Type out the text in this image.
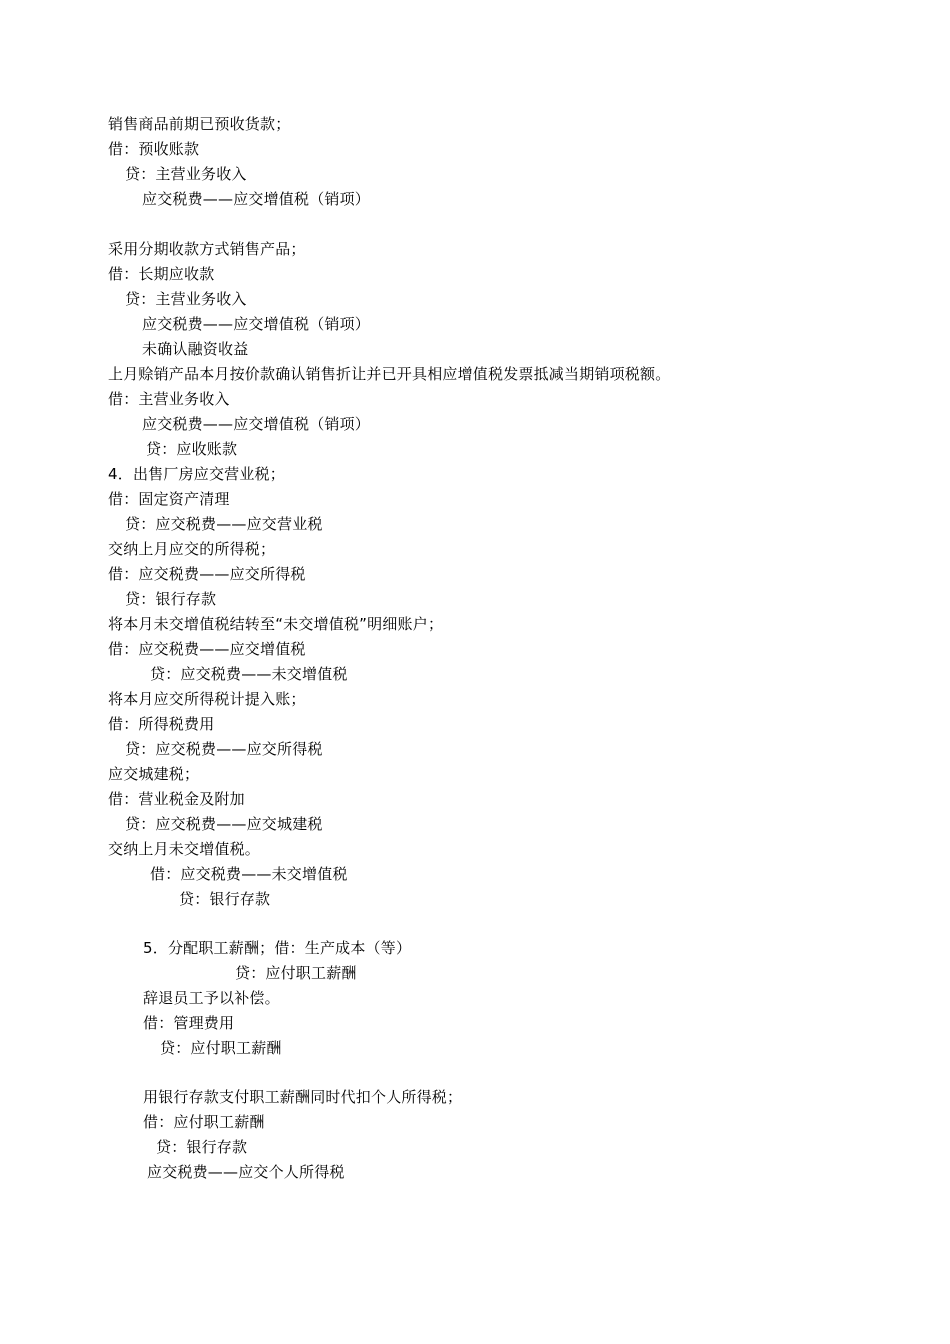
销售商品前期已预收货款；
借：预收账款
贷：主营业务收入
应交税费——应交增值税（销项）
采用分期收款方式销售产品；
借：长期应收款
贷：主营业务收入
应交税费——应交增值税（销项）
未确认融资收益
上月赊销产品本月按价款确认销售折让并已开具相应增值税发票抵减当期销项税额。
借：主营业务收入
应交税费——应交增值税（销项）
贷：应收账款
4．出售厂房应交营业税；
借：固定资产清理
贷：应交税费——应交营业税
交纳上月应交的所得税；
借：应交税费——应交所得税
贷：银行存款
将本月未交增值税结转至“未交增值税”明细账户；
借：应交税费——应交增值税
贷：应交税费——未交增值税
将本月应交所得税计提入账；
借：所得税费用
贷：应交税费——应交所得税
应交城建税；
借：营业税金及附加
贷：应交税费——应交城建税
交纳上月未交增值税。
借：应交税费——未交增值税
贷：银行存款
5．分配职工薪酬；借：生产成本（等）
贷：应付职工薪酬
辞退员工予以补偿。
借：管理费用
贷：应付职工薪酬
用银行存款支付职工薪酬同时代扣个人所得税；
借：应付职工薪酬
贷：银行存款
应交税费——应交个人所得税
